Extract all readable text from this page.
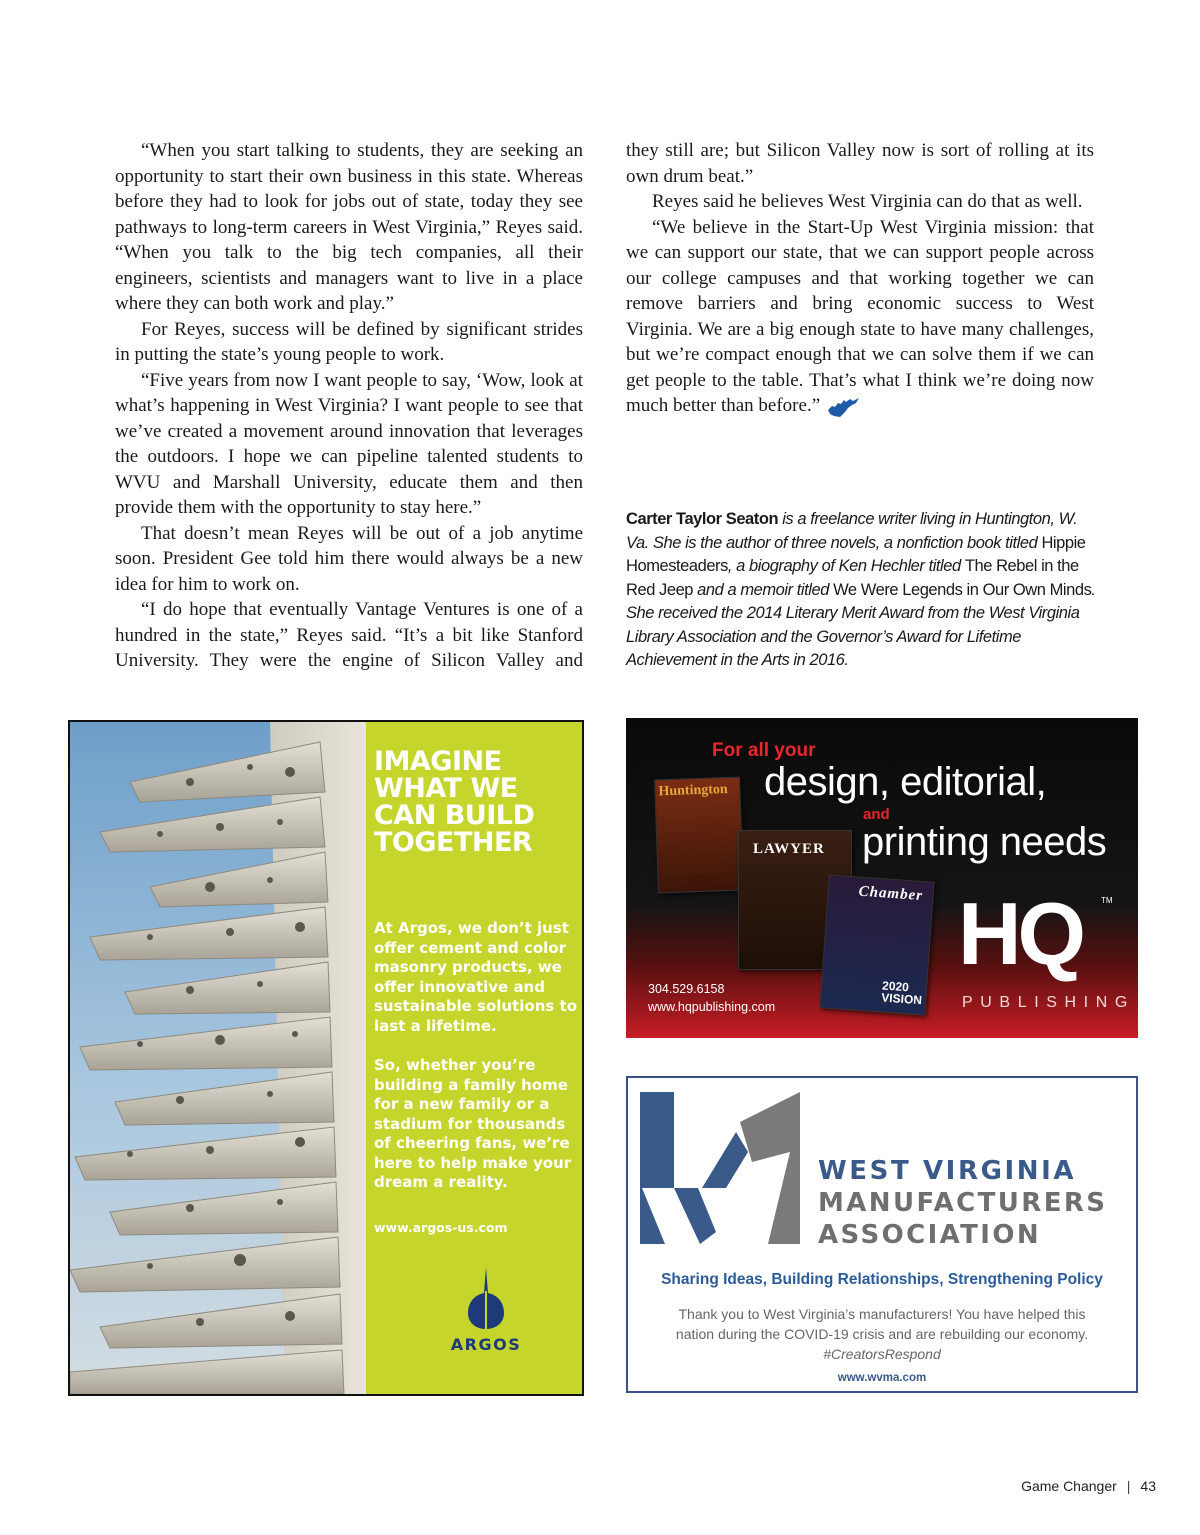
“When you start talking to students, they are seeking an opportunity to start their own business in this state. Whereas before they had to look for jobs out of state, today they see pathways to long-term careers in West Virginia,” Reyes said. “When you talk to the big tech companies, all their engineers, scientists and managers want to live in a place where they can both work and play.”

For Reyes, success will be defined by significant strides in putting the state’s young people to work.

“Five years from now I want people to say, ‘Wow, look at what’s happening in West Virginia? I want people to see that we’ve created a movement around innovation that leverages the outdoors. I hope we can pipeline talented students to WVU and Marshall University, educate them and then provide them with the opportunity to stay here.”

That doesn’t mean Reyes will be out of a job anytime soon. President Gee told him there would always be a new idea for him to work on.

“I do hope that eventually Vantage Ventures is one of a hundred in the state,” Reyes said. “It’s a bit like Stanford University. They were the engine of Silicon Valley and

they still are; but Silicon Valley now is sort of rolling at its own drum beat.”

Reyes said he believes West Virginia can do that as well.

“We believe in the Start-Up West Virginia mission: that we can support our state, that we can support people across our college campuses and that working together we can remove barriers and bring economic success to West Virginia. We are a big enough state to have many challenges, but we’re compact enough that we can solve them if we can get people to the table. That’s what I think we’re doing now much better than before.”

Carter Taylor Seaton is a freelance writer living in Huntington, W. Va. She is the author of three novels, a nonfiction book titled Hippie Homesteaders, a biography of Ken Hechler titled The Rebel in the Red Jeep and a memoir titled We Were Legends in Our Own Minds. She received the 2014 Literary Merit Award from the West Virginia Library Association and the Governor’s Award for Lifetime Achievement in the Arts in 2016.
IMAGINE
WHAT WE
CAN BUILD
TOGETHER
At Argos, we don’t just
offer cement and color
masonry products, we
offer innovative and
sustainable solutions to
last a lifetime.
So, whether you’re
building a family home
for a new family or a
stadium for thousands
of cheering fans, we’re
here to help make your
dream a reality.
www.argos-us.com
ARGOS
Huntington
LAWYER
Chamber
2020
VISION
For all your
design, editorial,
and
printing needs
HQ TM
PUBLISHING
304.529.6158
www.hqpublishing.com
WEST VIRGINIA
MANUFACTURERS
ASSOCIATION
Sharing Ideas, Building Relationships, Strengthening Policy
Thank you to West Virginia’s manufacturers! You have helped this
nation during the COVID-19 crisis and are rebuilding our economy.
#CreatorsRespond
www.wvma.com
Game Changer | 43
